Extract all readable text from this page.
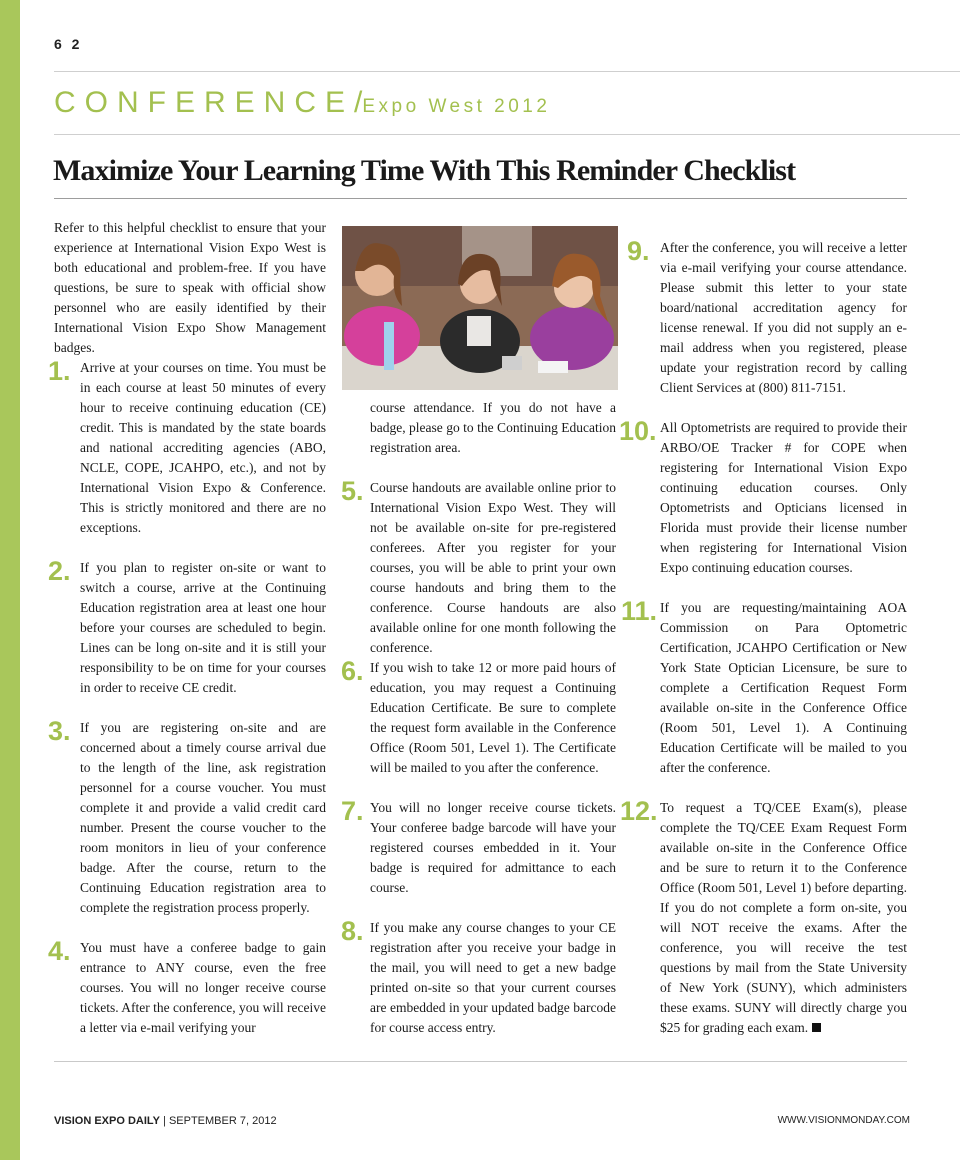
6 2
CONFERENCE/Expo West 2012
Maximize Your Learning Time With This Reminder Checklist
Refer to this helpful checklist to ensure that your experience at International Vision Expo West is both educational and problem-free. If you have questions, be sure to speak with official show personnel who are easily identified by their International Vision Expo Show Management badges.
1. Arrive at your courses on time. You must be in each course at least 50 minutes of every hour to receive continuing education (CE) credit. This is mandated by the state boards and national accrediting agencies (ABO, NCLE, COPE, JCAHPO, etc.), and not by International Vision Expo & Conference. This is strictly monitored and there are no exceptions.
2. If you plan to register on-site or want to switch a course, arrive at the Continuing Education registration area at least one hour before your courses are scheduled to begin. Lines can be long on-site and it is still your responsibility to be on time for your courses in order to receive CE credit.
3. If you are registering on-site and are concerned about a timely course arrival due to the length of the line, ask registration personnel for a course voucher. You must complete it and provide a valid credit card number. Present the course voucher to the room monitors in lieu of your conference badge. After the course, return to the Continuing Education registration area to complete the registration process properly.
4. You must have a conferee badge to gain entrance to ANY course, even the free courses. You will no longer receive course tickets. After the conference, you will receive a letter via e-mail verifying your
course attendance. If you do not have a badge, please go to the Continuing Education registration area.
5. Course handouts are available online prior to International Vision Expo West. They will not be available on-site for pre-registered conferees. After you register for your courses, you will be able to print your own course handouts and bring them to the conference. Course handouts are also available online for one month following the conference.
6. If you wish to take 12 or more paid hours of education, you may request a Continuing Education Certificate. Be sure to complete the request form available in the Conference Office (Room 501, Level 1). The Certificate will be mailed to you after the conference.
7. You will no longer receive course tickets. Your conferee badge barcode will have your registered courses embedded in it. Your badge is required for admittance to each course.
8. If you make any course changes to your CE registration after you receive your badge in the mail, you will need to get a new badge printed on-site so that your current courses are embedded in your updated badge barcode for course access entry.
9. After the conference, you will receive a letter via e-mail verifying your course attendance. Please submit this letter to your state board/national accreditation agency for license renewal. If you did not supply an e-mail address when you registered, please update your registration record by calling Client Services at (800) 811-7151.
10. All Optometrists are required to provide their ARBO/OE Tracker # for COPE when registering for International Vision Expo continuing education courses. Only Optometrists and Opticians licensed in Florida must provide their license number when registering for International Vision Expo continuing education courses.
11. If you are requesting/maintaining AOA Commission on Para Optometric Certification, JCAHPO Certification or New York State Optician Licensure, be sure to complete a Certification Request Form available on-site in the Conference Office (Room 501, Level 1). A Continuing Education Certificate will be mailed to you after the conference.
12. To request a TQ/CEE Exam(s), please complete the TQ/CEE Exam Request Form available on-site in the Conference Office and be sure to return it to the Conference Office (Room 501, Level 1) before departing. If you do not complete a form on-site, you will NOT receive the exams. After the conference, you will receive the test questions by mail from the State University of New York (SUNY), which administers these exams. SUNY will directly charge you $25 for grading each exam.
VISION EXPO DAILY | SEPTEMBER 7, 2012	WWW.VISIONMONDAY.COM
